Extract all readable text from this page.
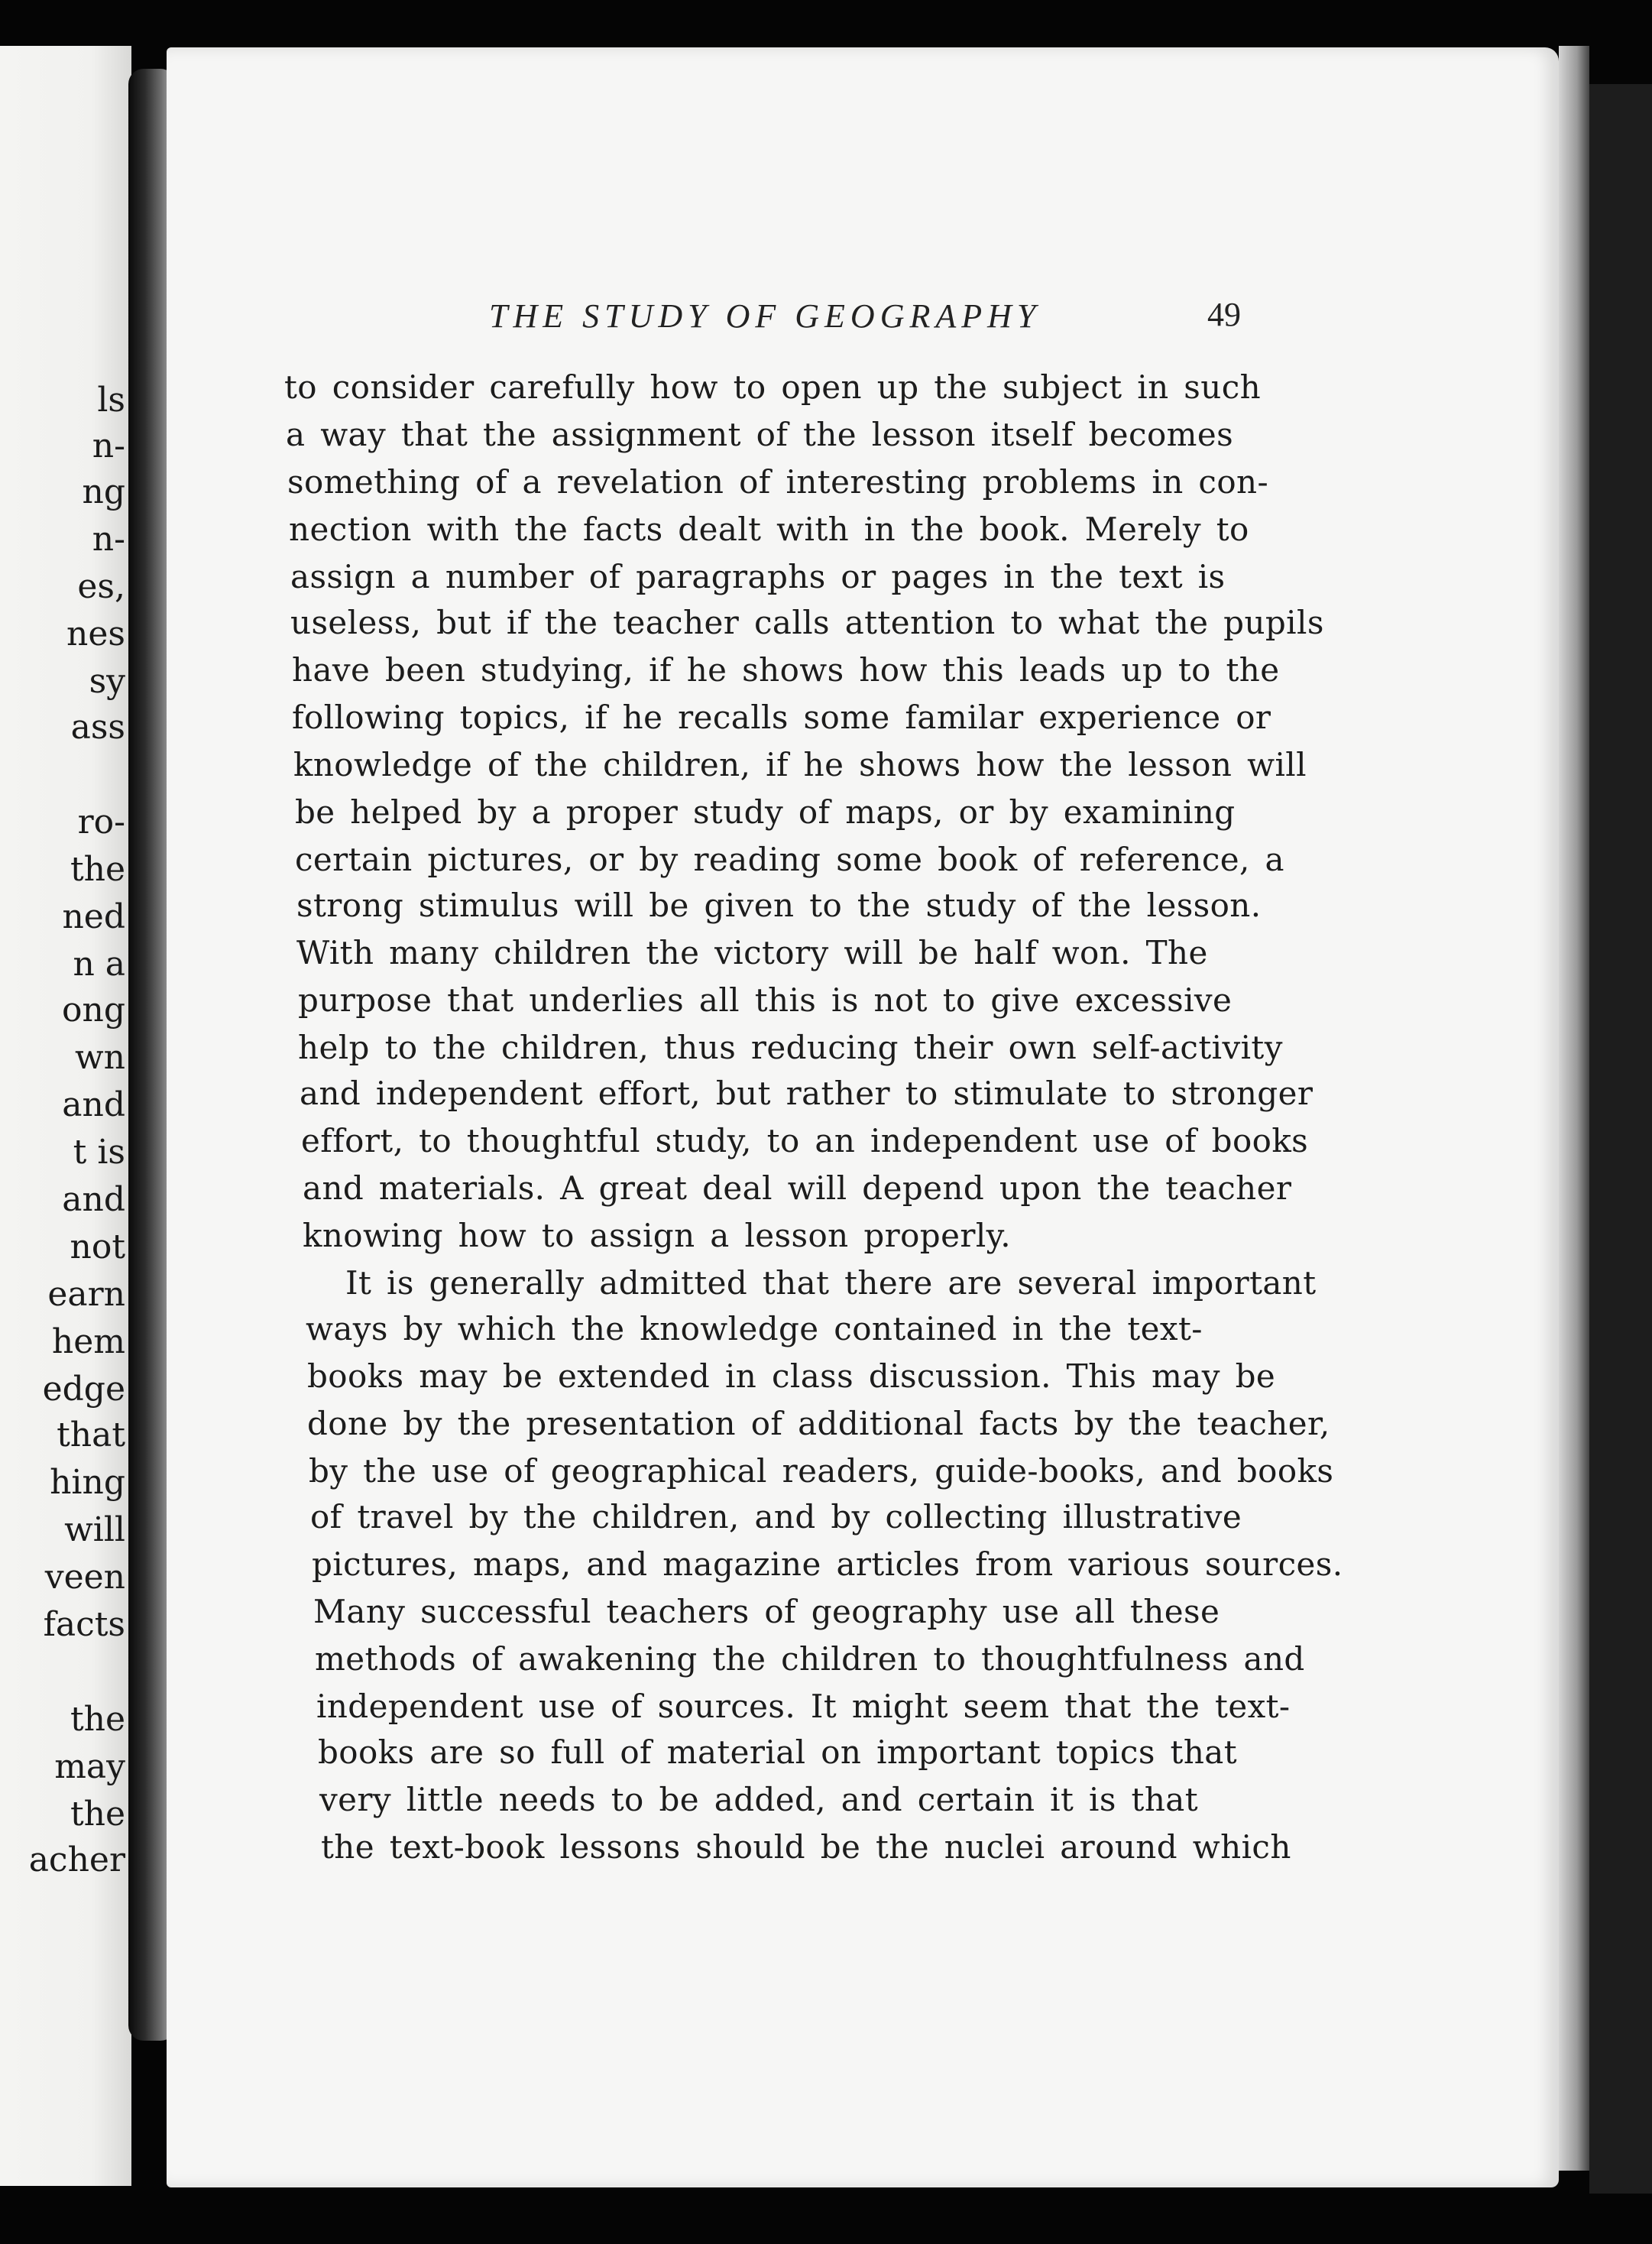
ls
n-
ng
n-
es,
nes
sy
ass
ro-
the
ned
n a
ong
wn
and
t is
and
not
earn
hem
edge
that
hing
will
veen
facts
the
may
the
acher
THE STUDY OF GEOGRAPHY	49
to consider carefully how to open up the subject in such
a way that the assignment of the lesson itself becomes
something of a revelation of interesting problems in con-
nection with the facts dealt with in the book. Merely to
assign a number of paragraphs or pages in the text is
useless, but if the teacher calls attention to what the pupils
have been studying, if he shows how this leads up to the
following topics, if he recalls some familar experience or
knowledge of the children, if he shows how the lesson will
be helped by a proper study of maps, or by examining
certain pictures, or by reading some book of reference, a
strong stimulus will be given to the study of the lesson.
With many children the victory will be half won. The
purpose that underlies all this is not to give excessive
help to the children, thus reducing their own self-activity
and independent effort, but rather to stimulate to stronger
effort, to thoughtful study, to an independent use of books
and materials. A great deal will depend upon the teacher
knowing how to assign a lesson properly.
It is generally admitted that there are several important
ways by which the knowledge contained in the text-
books may be extended in class discussion. This may be
done by the presentation of additional facts by the teacher,
by the use of geographical readers, guide-books, and books
of travel by the children, and by collecting illustrative
pictures, maps, and magazine articles from various sources.
Many successful teachers of geography use all these
methods of awakening the children to thoughtfulness and
independent use of sources. It might seem that the text-
books are so full of material on important topics that
very little needs to be added, and certain it is that
the text-book lessons should be the nuclei around which
